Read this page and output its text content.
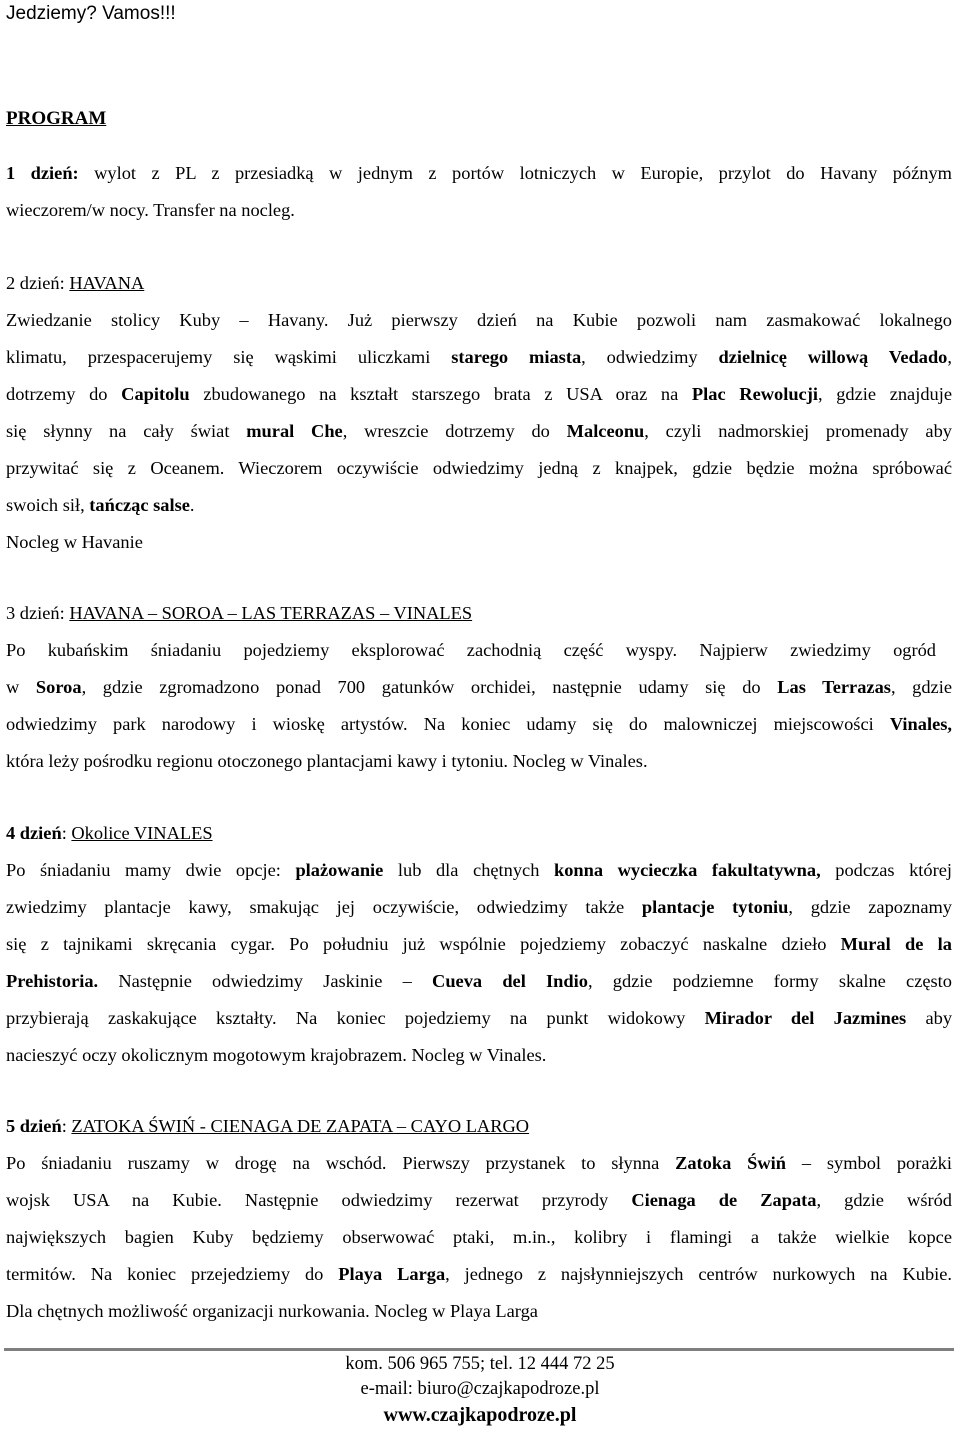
Jedziemy? Vamos!!!
PROGRAM
1 dzień: wylot z PL z przesiadką w jednym z portów lotniczych w Europie, przylot do Havany późnym
wieczorem/w nocy. Transfer na nocleg.
2 dzień: HAVANA
Zwiedzanie stolicy Kuby – Havany. Już pierwszy dzień na Kubie pozwoli nam zasmakować lokalnego
klimatu, przespacerujemy się wąskimi uliczkami starego miasta, odwiedzimy dzielnicę willową Vedado,
dotrzemy do Capitolu zbudowanego na kształt starszego brata z USA oraz na Plac Rewolucji, gdzie znajduje
się słynny na cały świat mural Che, wreszcie dotrzemy do Malceonu, czyli nadmorskiej promenady aby
przywitać się z Oceanem. Wieczorem oczywiście odwiedzimy jedną z knajpek, gdzie będzie można spróbować
swoich sił, tańcząc salse.
Nocleg w Havanie
3 dzień: HAVANA – SOROA – LAS TERRAZAS – VINALES
Po kubańskim śniadaniu pojedziemy eksplorować zachodnią część wyspy. Najpierw zwiedzimy ogród
w Soroa, gdzie zgromadzono ponad 700 gatunków orchidei, następnie udamy się do Las Terrazas, gdzie
odwiedzimy park narodowy i wioskę artystów. Na koniec udamy się do malowniczej miejscowości Vinales,
która leży pośrodku regionu otoczonego plantacjami kawy i tytoniu. Nocleg w Vinales.
4 dzień: Okolice VINALES
Po śniadaniu mamy dwie opcje: plażowanie lub dla chętnych konna wycieczka fakultatywna, podczas której
zwiedzimy plantacje kawy, smakując jej oczywiście, odwiedzimy także plantacje tytoniu, gdzie zapoznamy
się z tajnikami skręcania cygar. Po południu już wspólnie pojedziemy zobaczyć naskalne dzieło Mural de la
Prehistoria. Następnie odwiedzimy Jaskinie – Cueva del Indio, gdzie podziemne formy skalne często
przybierają zaskakujące kształty. Na koniec pojedziemy na punkt widokowy Mirador del Jazmines aby
nacieszyć oczy okolicznym mogotowym krajobrazem. Nocleg w Vinales.
5 dzień: ZATOKA ŚWIŃ - CIENAGA DE ZAPATA – CAYO LARGO
Po śniadaniu ruszamy w drogę na wschód. Pierwszy przystanek to słynna Zatoka Świń – symbol porażki
wojsk USA na Kubie. Następnie odwiedzimy rezerwat przyrody Cienaga de Zapata, gdzie wśród
największych bagien Kuby będziemy obserwować ptaki, m.in., kolibry i flamingi a także wielkie kopce
termitów. Na koniec przejedziemy do Playa Larga, jednego z najsłynniejszych centrów nurkowych na Kubie.
Dla chętnych możliwość organizacji nurkowania. Nocleg w Playa Larga
kom. 506 965 755; tel. 12 444 72 25
e-mail: biuro@czajkapodroze.pl
www.czajkapodroze.pl
